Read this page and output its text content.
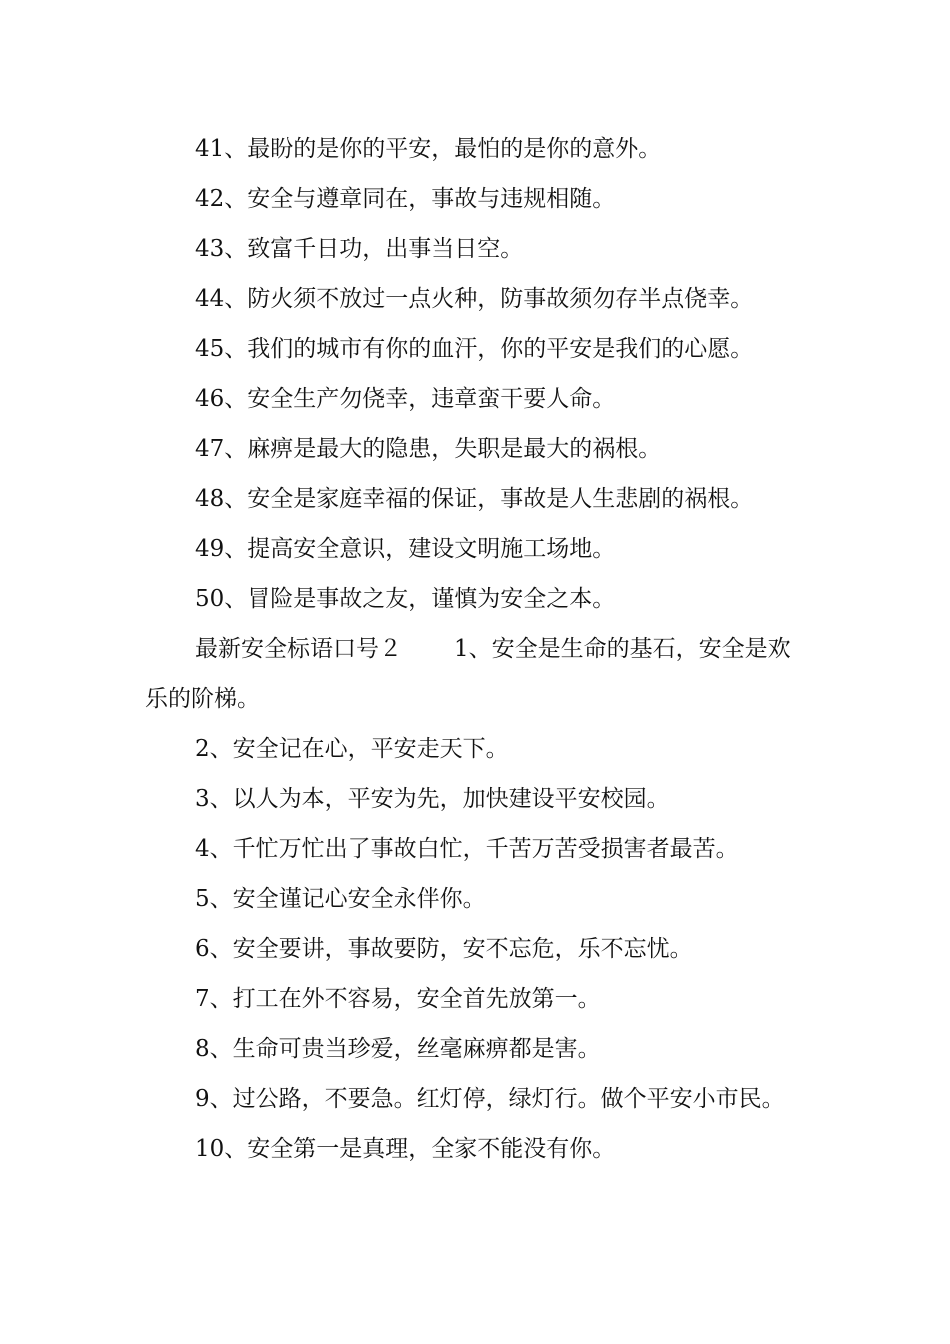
41、最盼的是你的平安，最怕的是你的意外。

42、安全与遵章同在，事故与违规相随。

43、致富千日功，出事当日空。

44、防火须不放过一点火种，防事故须勿存半点侥幸。

45、我们的城市有你的血汗，你的平安是我们的心愿。

46、安全生产勿侥幸，违章蛮干要人命。

47、麻痹是最大的隐患，失职是最大的祸根。

48、安全是家庭幸福的保证，事故是人生悲剧的祸根。

49、提高安全意识，建设文明施工场地。

50、冒险是事故之友，谨慎为安全之本。

最新安全标语口号２ 1、安全是生命的基石，安全是欢乐的阶梯。

2、安全记在心，平安走天下。

3、以人为本，平安为先，加快建设平安校园。

4、千忙万忙出了事故白忙，千苦万苦受损害者最苦。

5、安全谨记心安全永伴你。

6、安全要讲，事故要防，安不忘危，乐不忘忧。

7、打工在外不容易，安全首先放第一。

8、生命可贵当珍爱，丝毫麻痹都是害。

9、过公路，不要急。红灯停，绿灯行。做个平安小市民。

10、安全第一是真理，全家不能没有你。
